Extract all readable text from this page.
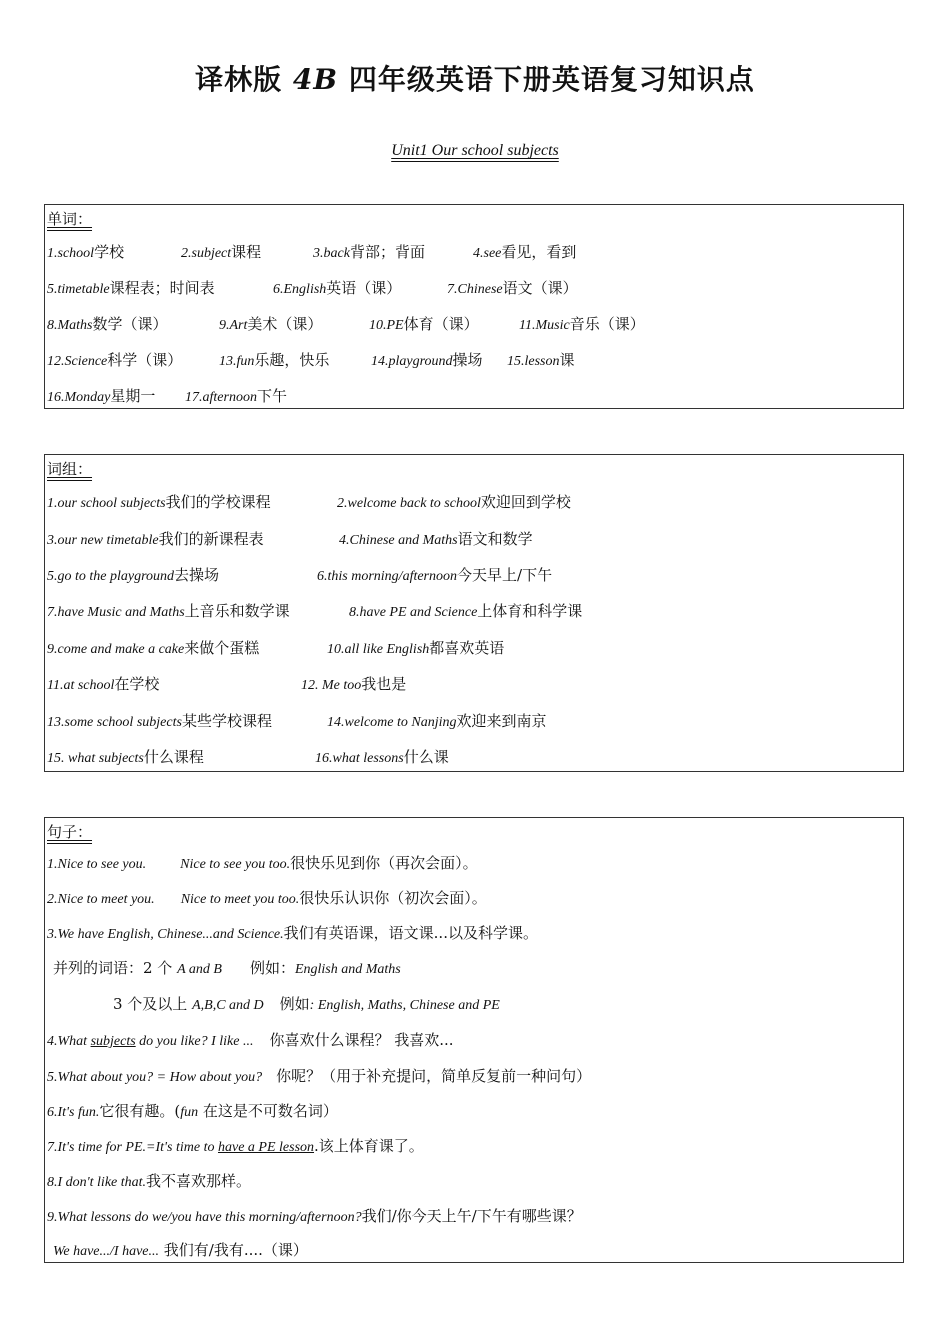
译林版 4B 四年级英语下册英语复习知识点
Unit1 Our school subjects
单词：
1.school学校	2.subject课程	3.back背部；背面	4.see看见，看到
5.timetable课程表；时间表	6.English英语（课）	7.Chinese语文（课）
8.Maths数学（课）	9.Art美术（课）	10.PE体育（课）	11.Music音乐（课）
12.Science科学（课）	13.fun乐趣，快乐	14.playground操场 15.lesson课
16.Monday星期一 17.afternoon下午
词组：
1.our school subjects我们的学校课程	2.welcome back to school欢迎回到学校
3.our new timetable我们的新课程表	4.Chinese and Maths语文和数学
5.go to the playground去操场	6.this morning/afternoon今天早上/下午
7.have Music and Maths上音乐和数学课	8.have PE and Science上体育和科学课
9.come and make a cake来做个蛋糕	10.all like English都喜欢英语
11.at school在学校	12. Me too我也是
13.some school subjects某些学校课程	14.welcome to Nanjing欢迎来到南京
15. what subjects什么课程	16.what lessons什么课
句子：
1.Nice to see you. Nice to see you too.很快乐见到你（再次会面）。
2.Nice to meet you. Nice to meet you too.很快乐认识你（初次会面）。
3.We have English, Chinese...and Science.我们有英语课，语文课...以及科学课。
并列的词语：2 个 A and B 例如：English and Maths
3 个及以上 A,B,C and D 例如: English, Maths, Chinese and PE
4.What subjects do you like? I like ... 你喜欢什么课程？ 我喜欢...
5.What about you? = How about you? 你呢？（用于补充提问，简单反复前一种问句）
6.It's fun.它很有趣。(fun 在这是不可数名词）
7.It's time for PE.=It's time to have a PE lesson.该上体育课了。
8.I don't like that.我不喜欢那样。
9.What lessons do we/you have this morning/afternoon?我们/你今天上午/下午有哪些课？
We have.../I have... 我们有/我有....（课）
